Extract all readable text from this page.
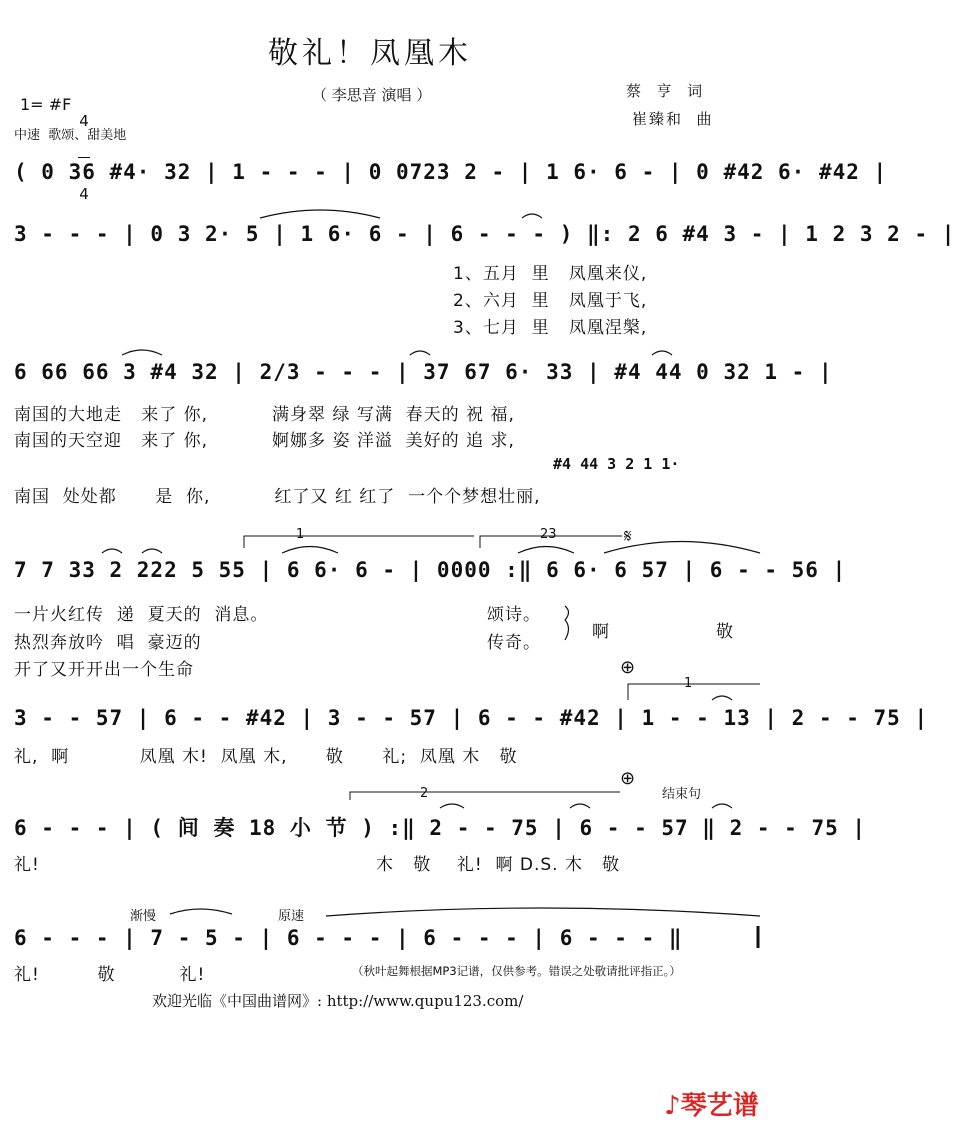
敬礼！凤凰木
（ 李思音 演唱 ）	蔡  亨  词
崔臻和  曲
1= #F

4

4

中速  歌颂、甜美地
( 0 36 #4· 32 | 1 - - - | 0 0723 2 - | 1 6· 6 - | 0 #42 6· #42 |
3 - - - | 0 3 2· 5 | 1 6· 6 - | 6 - - - ) ‖: 2 6 #4 3 - | 1 2 3 2 - |
1、五月  里   凤凰来仪,
2、六月  里   凤凰于飞,
3、七月  里   凤凰涅槃,
6 66 66 3 #4 32 | 2/3 - - - | 37 67 6· 33 | #4 44 0 32 1 - |
南国的大地走   来了 你,          满身翠 绿 写满  春天的 祝 福,
南国的天空迎   来了 你,          婀娜多 姿 洋溢  美好的 追 求,
#4 44 3 2 1 1·
南国  处处都      是  你,          红了又 红 红了  一个个梦想壮丽,
1	23	𝄋
7 7 33 2 222 5 55 | 6 6· 6 - | 0000 :‖ 6 6· 6 57 | 6 - - 56 |
一片火红传  递  夏天的  消息。
热烈奔放吟  唱  豪迈的
开了又开开出一个生命
颂诗。
传奇。
啊	敬
⊕
1
3 - - 57 | 6 - - #42 | 3 - - 57 | 6 - - #42 | 1 - - 13 | 2 - - 75 |
礼,  啊           凤凰 木!  凤凰 木,      敬      礼;  凤凰 木   敬
2
⊕
结束句
6 - - - | ( 间 奏 18 小 节 ) :‖ 2 - - 75 | 6 - - 57 ‖ 2 - - 75 |
礼!	木   敬    礼!  啊 D.S. 木   敬
渐慢	原速
6 - - - | 7 - 5 - | 6 - - - | 6 - - - | 6 - - - ‖
礼!         敬          礼!	（秋叶起舞根据MP3记谱，仅供参考。错误之处敬请批评指正。）
欢迎光临《中国曲谱网》: http://www.qupu123.com/

♪琴艺谱
